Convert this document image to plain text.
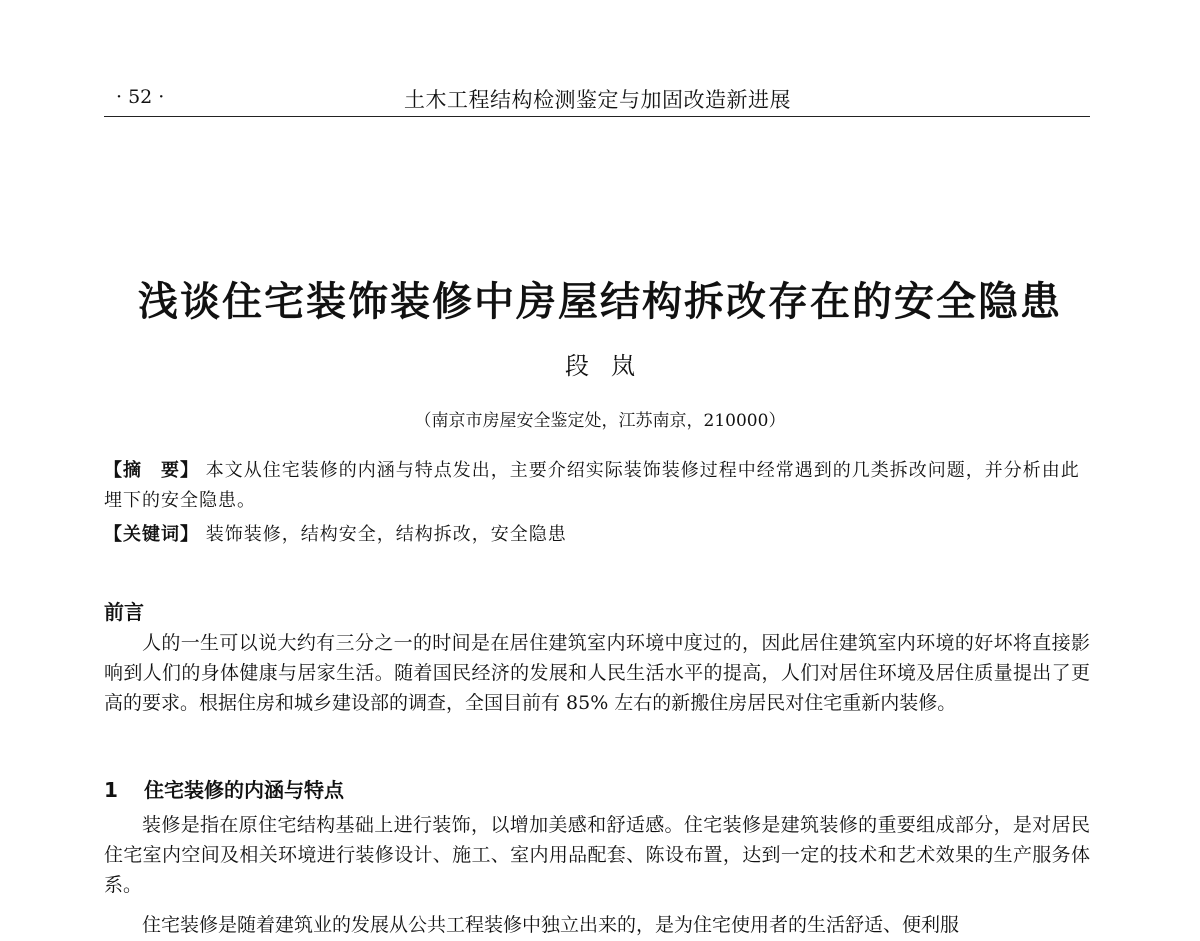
· 52 ·	土木工程结构检测鉴定与加固改造新进展
浅谈住宅装饰装修中房屋结构拆改存在的安全隐患
段岚
（南京市房屋安全鉴定处，江苏南京，210000）
【摘　要】 本文从住宅装修的内涵与特点发出，主要介绍实际装饰装修过程中经常遇到的几类拆改问题，并分析由此埋下的安全隐患。
【关键词】 装饰装修，结构安全，结构拆改，安全隐患
前言
人的一生可以说大约有三分之一的时间是在居住建筑室内环境中度过的，因此居住建筑室内环境的好坏将直接影响到人们的身体健康与居家生活。随着国民经济的发展和人民生活水平的提高，人们对居住环境及居住质量提出了更高的要求。根据住房和城乡建设部的调查，全国目前有 85% 左右的新搬住房居民对住宅重新内装修。
1 住宅装修的内涵与特点
装修是指在原住宅结构基础上进行装饰，以增加美感和舒适感。住宅装修是建筑装修的重要组成部分，是对居民住宅室内空间及相关环境进行装修设计、施工、室内用品配套、陈设布置，达到一定的技术和艺术效果的生产服务体系。
住宅装修是随着建筑业的发展从公共工程装修中独立出来的，是为住宅使用者的生活舒适、便利服
